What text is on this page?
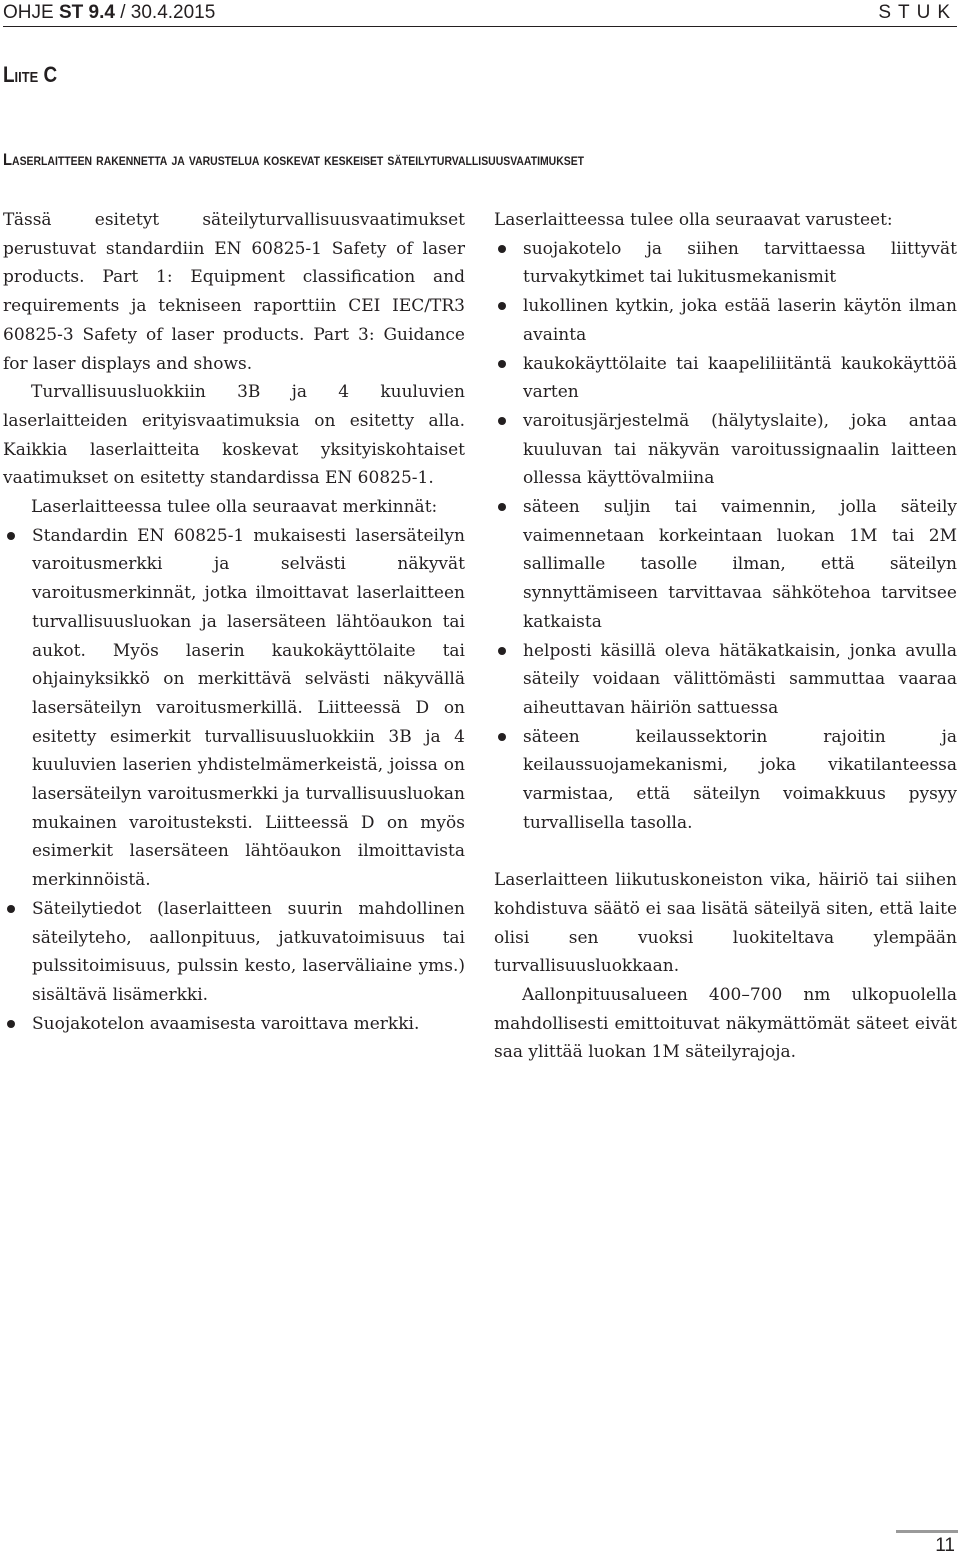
OHJE ST 9.4 / 30.4.2015	STUK
Liite C
Laserlaitteen rakennetta ja varustelua koskevat keskeiset säteilyturvallisuusvaatimukset

Tässä esitetyt säteilyturvallisuusvaatimukset perustuvat standardiin EN 60825-1 Safety of laser products. Part 1: Equipment classification and requirements ja tekniseen raporttiin CEI IEC/TR3 60825-3 Safety of laser products. Part 3: Guidance for laser displays and shows.

Turvallisuusluokkiin 3B ja 4 kuuluvien laserlaitteiden erityisvaatimuksia on esitetty alla. Kaikkia laserlaitteita koskevat yksityiskohtaiset vaatimukset on esitetty standardissa EN 60825-1.

Laserlaitteessa tulee olla seuraavat merkinnät:

Standardin EN 60825-1 mukaisesti lasersäteilyn varoitusmerkki ja selvästi näkyvät varoitusmerkinnät, jotka ilmoittavat laserlaitteen turvallisuusluokan ja lasersäteen lähtöaukon tai aukot. Myös laserin kaukokäyttölaite tai ohjainyksikkö on merkittävä selvästi näkyvällä lasersäteilyn varoitusmerkillä. Liitteessä D on esitetty esimerkit turvallisuusluokkiin 3B ja 4 kuuluvien laserien yhdistelmämerkeistä, joissa on lasersäteilyn varoitusmerkki ja turvallisuusluokan mukainen varoitusteksti. Liitteessä D on myös esimerkit lasersäteen lähtöaukon ilmoittavista merkinnöistä.
Säteilytiedot (laserlaitteen suurin mahdollinen säteilyteho, aallonpituus, jatkuvatoimisuus tai pulssitoimisuus, pulssin kesto, laserväliaine yms.) sisältävä lisämerkki.
Suojakotelon avaamisesta varoittava merkki.

Laserlaitteessa tulee olla seuraavat varusteet:

suojakotelo ja siihen tarvittaessa liittyvät turvakytkimet tai lukitusmekanismit
lukollinen kytkin, joka estää laserin käytön ilman avainta
kaukokäyttölaite tai kaapeliliitäntä kaukokäyttöä varten
varoitusjärjestelmä (hälytyslaite), joka antaa kuuluvan tai näkyvän varoitussignaalin laitteen ollessa käyttövalmiina
säteen suljin tai vaimennin, jolla säteily vaimennetaan korkeintaan luokan 1M tai 2M sallimalle tasolle ilman, että säteilyn synnyttämiseen tarvittavaa sähkötehoa tarvitsee katkaista
helposti käsillä oleva hätäkatkaisin, jonka avulla säteily voidaan välittömästi sammuttaa vaaraa aiheuttavan häiriön sattuessa
säteen keilaussektorin rajoitin ja keilaussuojamekanismi, joka vikatilanteessa varmistaa, että säteilyn voimakkuus pysyy turvallisella tasolla.

Laserlaitteen liikutuskoneiston vika, häiriö tai siihen kohdistuva säätö ei saa lisätä säteilyä siten, että laite olisi sen vuoksi luokiteltava ylempään turvallisuusluokkaan.

Aallonpituusalueen 400–700 nm ulkopuolella mahdollisesti emittoituvat näkymättömät säteet eivät saa ylittää luokan 1M säteilyrajoja.

11
